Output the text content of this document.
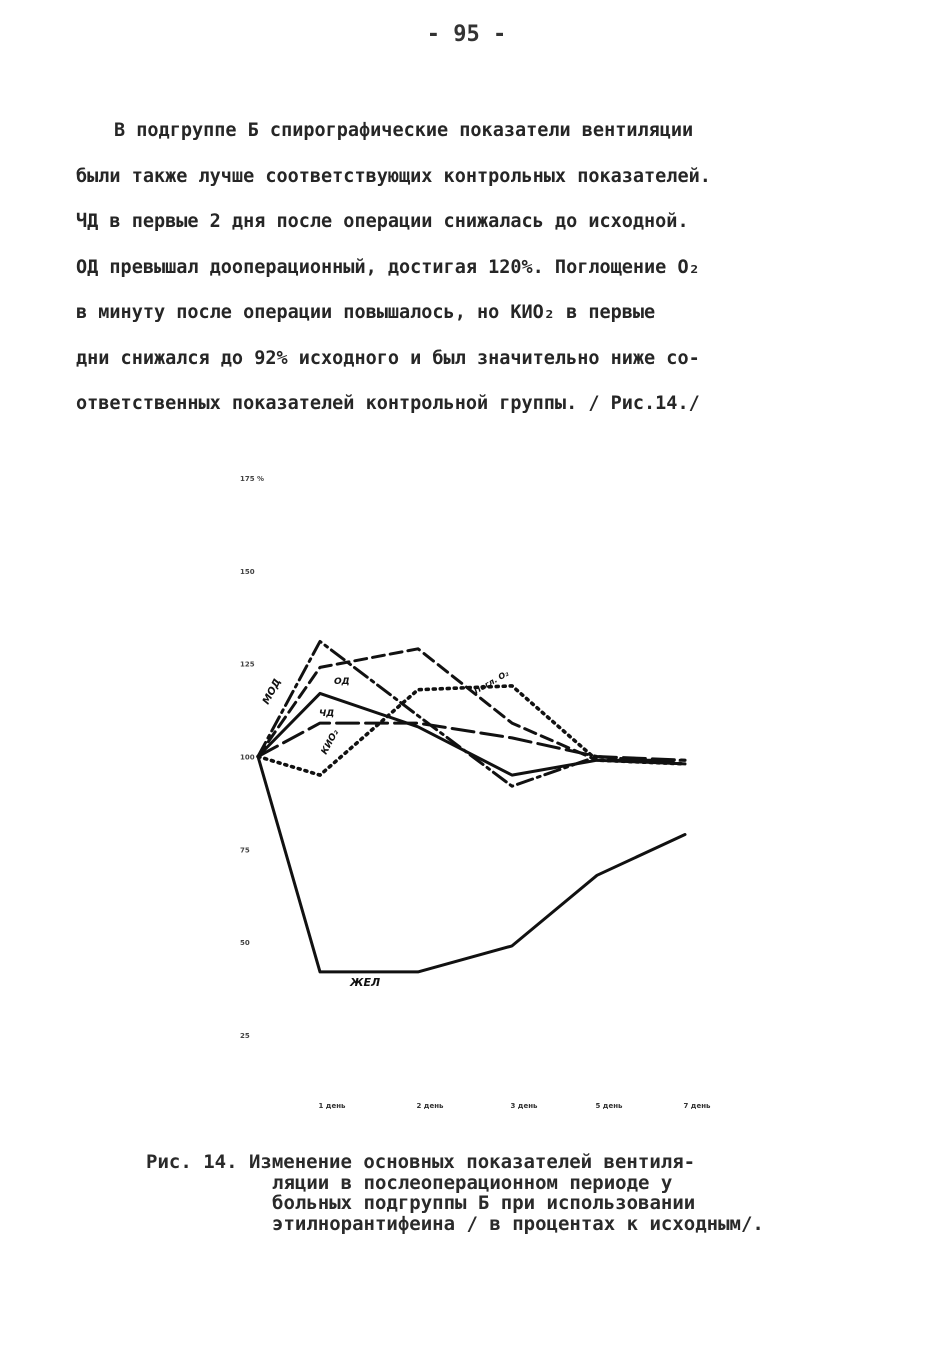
- 95 -
В подгруппе Б спирографические показатели вентиляции
были также лучше соответствующих контрольных показателей.
ЧД в первые 2 дня после операции снижалась до исходной.
ОД превышал дооперационный, достигая 120%. Поглощение О₂
в минуту после операции повышалось, но КИО₂ в первые
дни снижался до 92% исходного и был значительно ниже со-
ответственных показателей контрольной группы. / Рис.14./
175 %
150
125
100
75
50
25
1 день	2 день	3 день	5 день	7 день
МОД	ОД
ЧД
КИО₂
Погл. О₂
ЖЕЛ
Рис. 14. Изменение основных показателей вентиля-
ляции в послеоперационном периоде у
больных подгруппы Б при использовании
этилнорантифеина / в процентах к исходным/.
